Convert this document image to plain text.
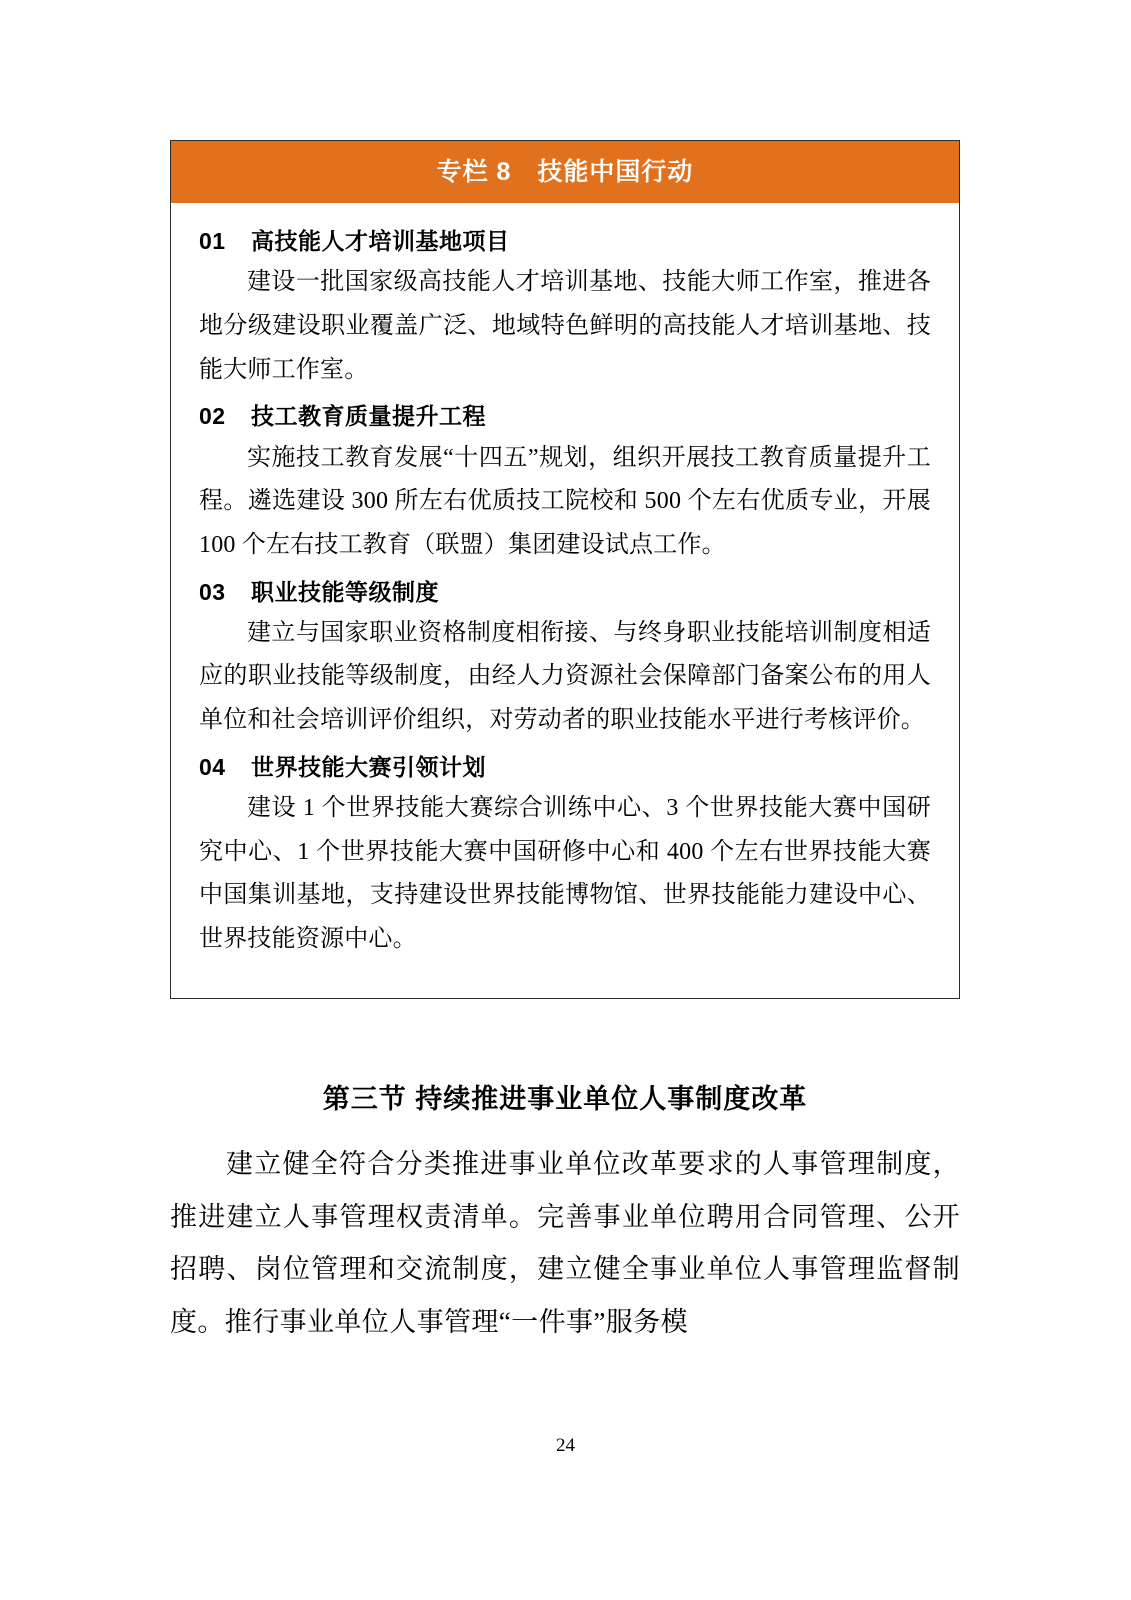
专栏 8　技能中国行动
01 高技能人才培训基地项目

建设一批国家级高技能人才培训基地、技能大师工作室，推进各地分级建设职业覆盖广泛、地域特色鲜明的高技能人才培训基地、技能大师工作室。

02 技工教育质量提升工程

实施技工教育发展“十四五”规划，组织开展技工教育质量提升工程。遴选建设 300 所左右优质技工院校和 500 个左右优质专业，开展 100 个左右技工教育（联盟）集团建设试点工作。

03 职业技能等级制度

建立与国家职业资格制度相衔接、与终身职业技能培训制度相适应的职业技能等级制度，由经人力资源社会保障部门备案公布的用人单位和社会培训评价组织，对劳动者的职业技能水平进行考核评价。

04 世界技能大赛引领计划

建设 1 个世界技能大赛综合训练中心、3 个世界技能大赛中国研究中心、1 个世界技能大赛中国研修中心和 400 个左右世界技能大赛中国集训基地，支持建设世界技能博物馆、世界技能能力建设中心、世界技能资源中心。

第三节 持续推进事业单位人事制度改革

建立健全符合分类推进事业单位改革要求的人事管理制度，推进建立人事管理权责清单。完善事业单位聘用合同管理、公开招聘、岗位管理和交流制度，建立健全事业单位人事管理监督制度。推行事业单位人事管理“一件事”服务模

24
